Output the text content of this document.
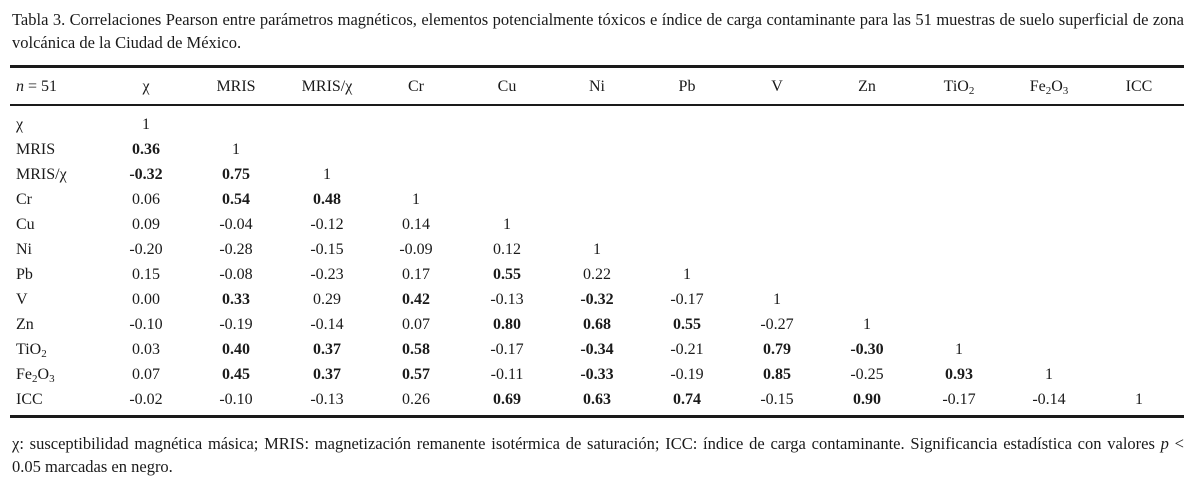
Tabla 3. Correlaciones Pearson entre parámetros magnéticos, elementos potencialmente tóxicos e índice de carga contaminante para las 51 muestras de suelo superficial de zona volcánica de la Ciudad de México.
n = 51	χ	MRIS	MRIS/χ	Cr	Cu	Ni	Pb	V	Zn	TiO$_2$	$Fe_2O_3$	ICC
χ	1
MRIS	0.36	1
MRIS/χ	-0.32	0.75	1
Cr	0.06	0.54	0.48	1
Cu	0.09	-0.04	-0.12	0.14	1
Ni	-0.20	-0.28	-0.15	-0.09	0.12	1
Pb	0.15	-0.08	-0.23	0.17	0.55	0.22	1
V	0.00	0.33	0.29	0.42	-0.13	-0.32	-0.17	1
Zn	-0.10	-0.19	-0.14	0.07	0.80	0.68	0.55	-0.27	1
TiO$_2$	0.03	0.40	0.37	0.58	-0.17	-0.34	-0.21	0.79	-0.30	1
$Fe_2O_3$	0.07	0.45	0.37	0.57	-0.11	-0.33	-0.19	0.85	-0.25	0.93	1
ICC	-0.02	-0.10	-0.13	0.26	0.69	0.63	0.74	-0.15	0.90	-0.17	-0.14	1
χ: susceptibilidad magnética másica; MRIS: magnetización remanente isotérmica de saturación; ICC: índice de carga contaminante. Significancia estadística con valores p < 0.05 marcadas en negro.
